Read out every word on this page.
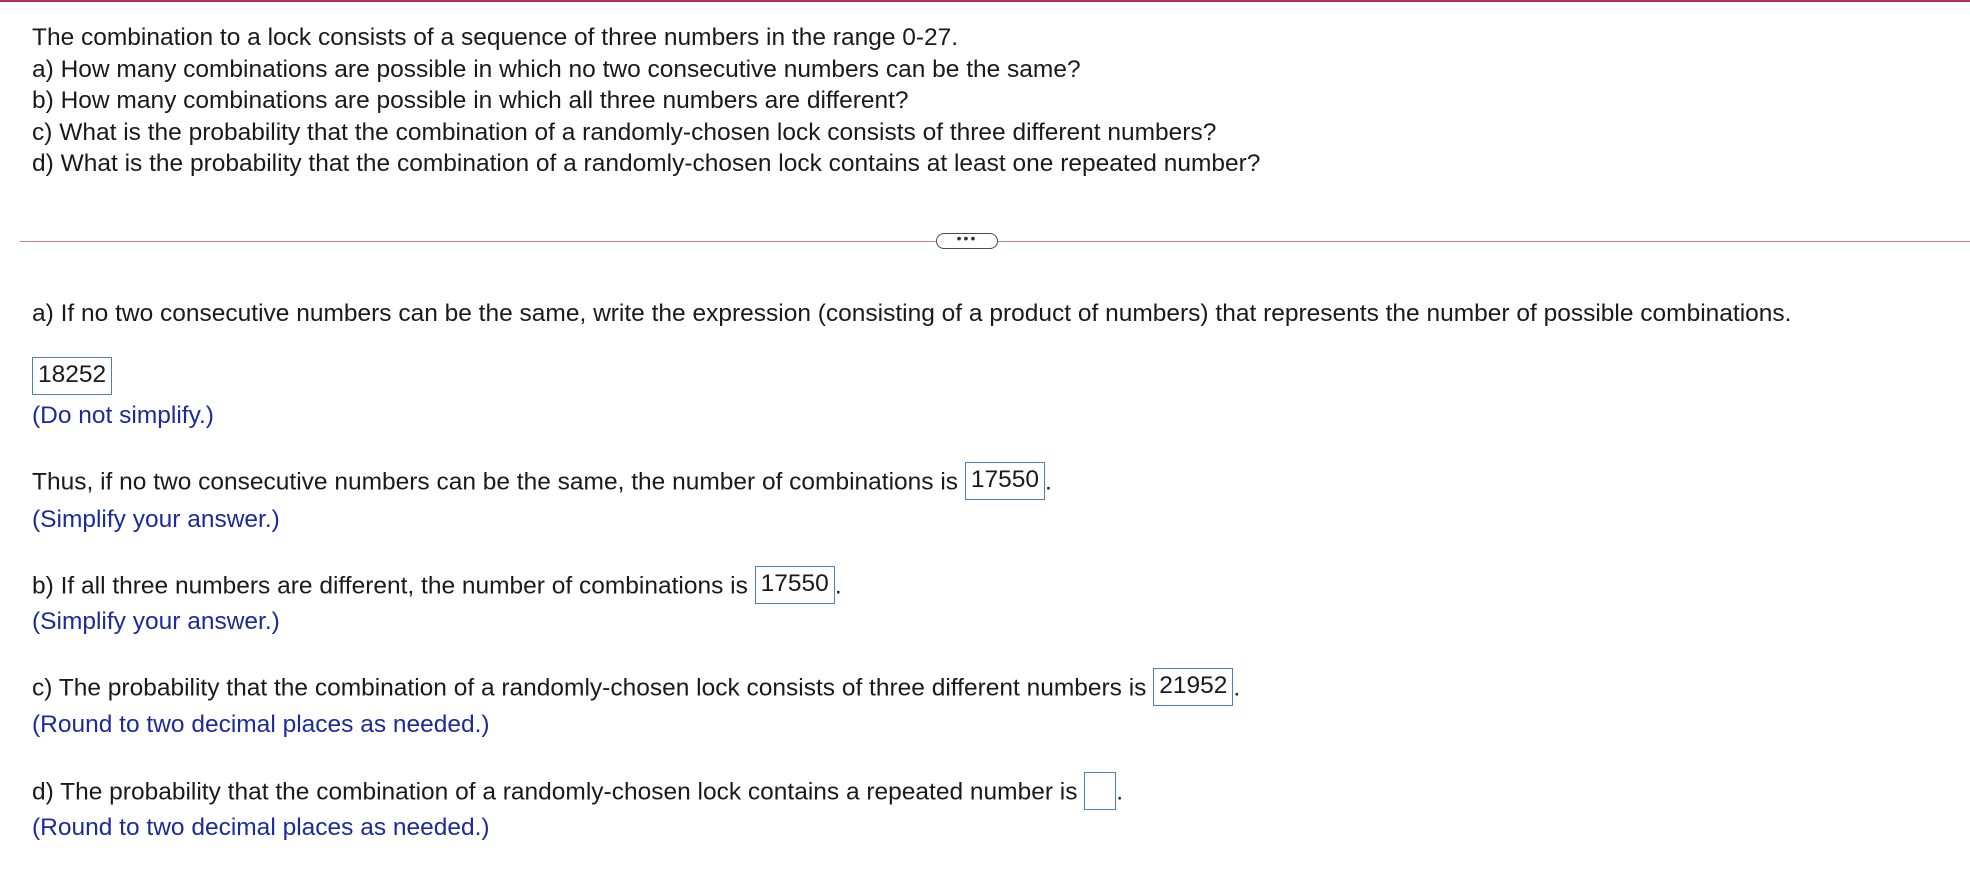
The combination to a lock consists of a sequence of three numbers in the range 0-27.
a) How many combinations are possible in which no two consecutive numbers can be the same?
b) How many combinations are possible in which all three numbers are different?
c) What is the probability that the combination of a randomly-chosen lock consists of three different numbers?
d) What is the probability that the combination of a randomly-chosen lock contains at least one repeated number?
•••
a) If no two consecutive numbers can be the same, write the expression (consisting of a product of numbers) that represents the number of possible combinations.
18252
(Do not simplify.)
Thus, if no two consecutive numbers can be the same, the number of combinations is 17550 .
(Simplify your answer.)
b) If all three numbers are different, the number of combinations is 17550 .
(Simplify your answer.)
c) The probability that the combination of a randomly-chosen lock consists of three different numbers is 21952 .
(Round to two decimal places as needed.)
d) The probability that the combination of a randomly-chosen lock contains a repeated number is .
(Round to two decimal places as needed.)
